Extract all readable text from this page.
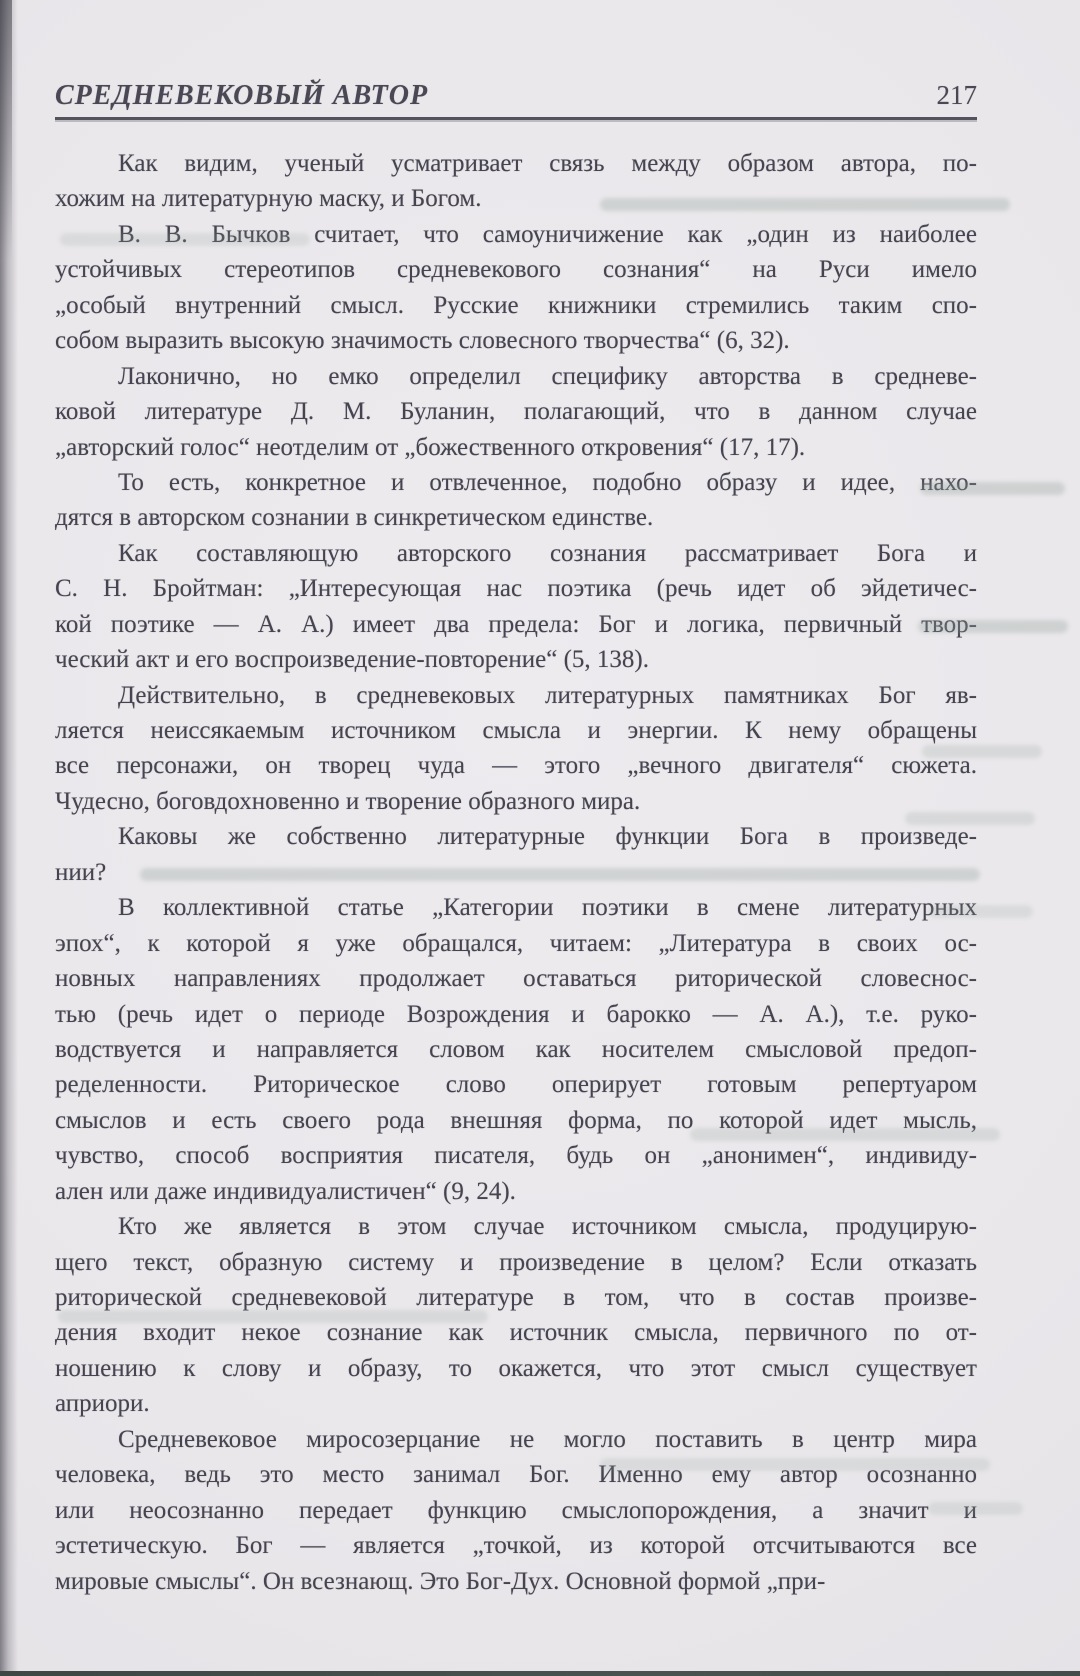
СРЕДНЕВЕКОВЫЙ АВТОР	217
Как видим, ученый усматривает связь между образом автора, по-
хожим на литературную маску, и Богом.
В. В. Бычков считает, что самоуничижение как „один из наиболее
устойчивых стереотипов средневекового сознания“ на Руси имело
„особый внутренний смысл. Русские книжники стремились таким спо-
собом выразить высокую значимость словесного творчества“ (6, 32).
Лаконично, но емко определил специфику авторства в средневе-
ковой литературе Д. М. Буланин, полагающий, что в данном случае
„авторский голос“ неотделим от „божественного откровения“ (17, 17).
То есть, конкретное и отвлеченное, подобно образу и идее, нахо-
дятся в авторском сознании в синкретическом единстве.
Как составляющую авторского сознания рассматривает Бога и
С. Н. Бройтман: „Интересующая нас поэтика (речь идет об эйдетичес-
кой поэтике — А. А.) имеет два предела: Бог и логика, первичный твор-
ческий акт и его воспроизведение-повторение“ (5, 138).
Действительно, в средневековых литературных памятниках Бог яв-
ляется неиссякаемым источником смысла и энергии. К нему обращены
все персонажи, он творец чуда — этого „вечного двигателя“ сюжета.
Чудесно, боговдохновенно и творение образного мира.
Каковы же собственно литературные функции Бога в произведе-
нии?
В коллективной статье „Категории поэтики в смене литературных
эпох“, к которой я уже обращался, читаем: „Литература в своих ос-
новных направлениях продолжает оставаться риторической словеснос-
тью (речь идет о периоде Возрождения и барокко — А. А.), т.е. руко-
водствуется и направляется словом как носителем смысловой предоп-
ределенности. Риторическое слово оперирует готовым репертуаром
смыслов и есть своего рода внешняя форма, по которой идет мысль,
чувство, способ восприятия писателя, будь он „анонимен“, индивиду-
ален или даже индивидуалистичен“ (9, 24).
Кто же является в этом случае источником смысла, продуцирую-
щего текст, образную систему и произведение в целом? Если отказать
риторической средневековой литературе в том, что в состав произве-
дения входит некое сознание как источник смысла, первичного по от-
ношению к слову и образу, то окажется, что этот смысл существует
априори.
Средневековое миросозерцание не могло поставить в центр мира
человека, ведь это место занимал Бог. Именно ему автор осознанно
или неосознанно передает функцию смыслопорождения, а значит и
эстетическую. Бог — является „точкой, из которой отсчитываются все
мировые смыслы“. Он всезнающ. Это Бог-Дух. Основной формой „при-
